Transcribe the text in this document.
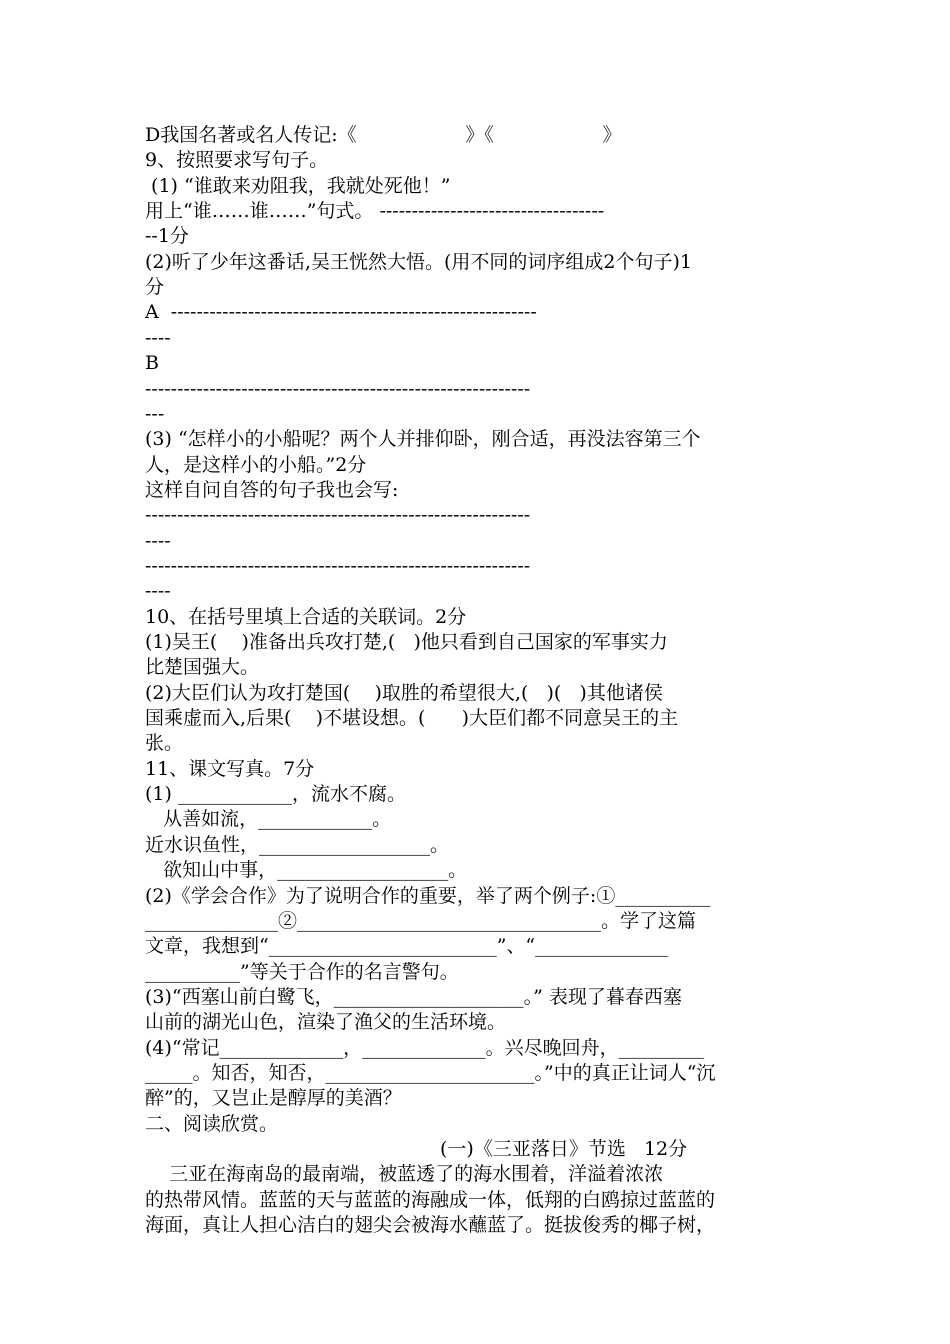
D我国名著或名人传记:《                  》《                  》
9、按照要求写句子。
(1) “谁敢来劝阻我，我就处死他！”
用上“谁……谁……”句式。 -----------------------------------
--1分
(2)听了少年这番话,吴王恍然大悟。(用不同的词序组成2个句子)1
分
A  ---------------------------------------------------------
----
B
------------------------------------------------------------
---
(3) “怎样小的小船呢？两个人并排仰卧，刚合适，再没法容第三个
人，是这样小的小船。”2分
这样自问自答的句子我也会写:
------------------------------------------------------------
----
------------------------------------------------------------
----
10、在括号里填上合适的关联词。2分
(1)吴王(    )准备出兵攻打楚,(   )他只看到自己国家的军事实力
比楚国强大。
(2)大臣们认为攻打楚国(    )取胜的希望很大,(   )(   )其他诸侯
国乘虚而入,后果(    )不堪设想。(      )大臣们都不同意吴王的主
张。
11、课文写真。7分
(1) ____________，流水不腐。
从善如流，____________。
近水识鱼性，__________________。
欲知山中事，__________________。
(2)《学会合作》为了说明合作的重要，举了两个例子:①__________
______________②________________________________。学了这篇
文章，我想到“________________________”、“______________
__________”等关于合作的名言警句。
(3)“西塞山前白鹭飞，____________________。” 表现了暮春西塞
山前的湖光山色，渲染了渔父的生活环境。
(4)“常记_____________，_____________。兴尽晚回舟，_________
_____。知否，知否，______________________。”中的真正让词人“沉
醉”的，又岂止是醇厚的美酒？
二、阅读欣赏。
(一)《三亚落日》节选   12分
三亚在海南岛的最南端，被蓝透了的海水围着，洋溢着浓浓
的热带风情。蓝蓝的天与蓝蓝的海融成一体，低翔的白鸥掠过蓝蓝的
海面，真让人担心洁白的翅尖会被海水蘸蓝了。挺拔俊秀的椰子树，
